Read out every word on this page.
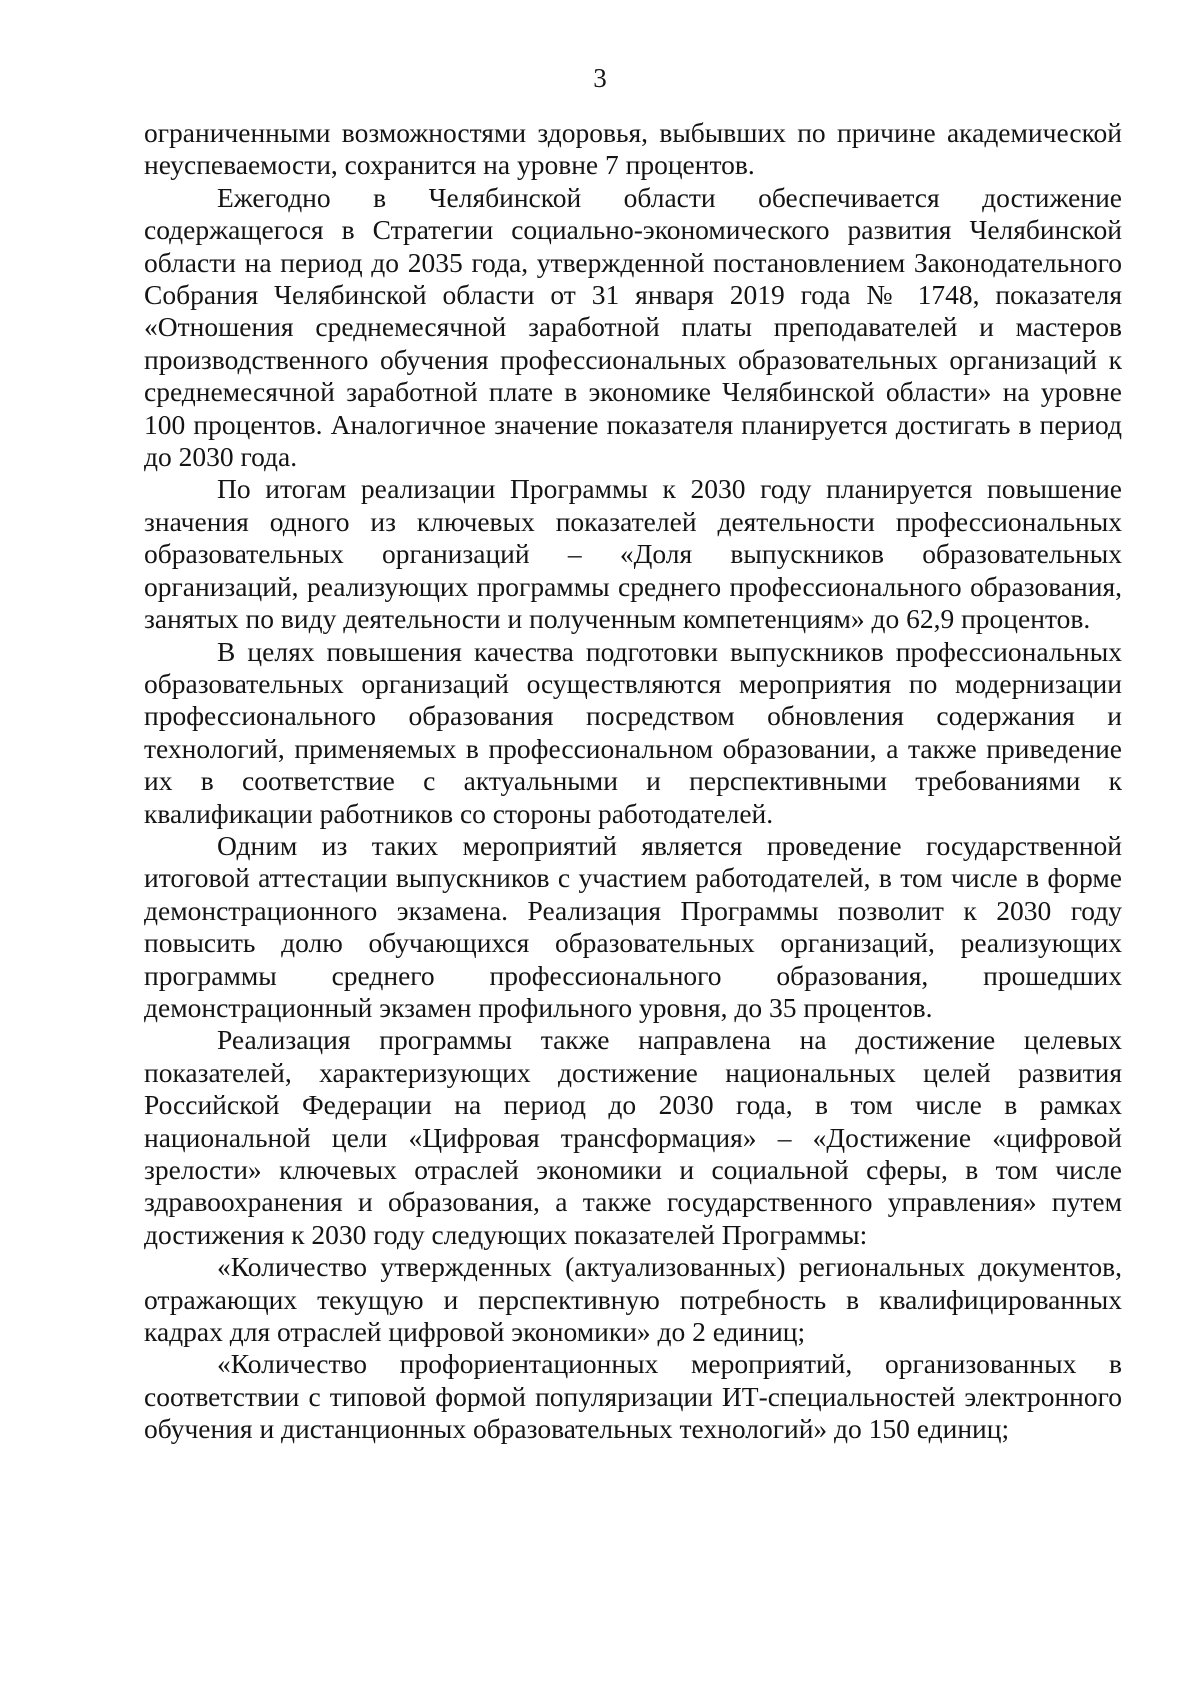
3

ограниченными возможностями здоровья, выбывших по причине академической неуспеваемости, сохранится на уровне 7 процентов.

Ежегодно в Челябинской области обеспечивается достижение содержащегося в Стратегии социально-экономического развития Челябинской области на период до 2035 года, утвержденной постановлением Законодательного Собрания Челябинской области от 31 января 2019 года № 1748, показателя «Отношения среднемесячной заработной платы преподавателей и мастеров производственного обучения профессиональных образовательных организаций к среднемесячной заработной плате в экономике Челябинской области» на уровне 100 процентов. Аналогичное значение показателя планируется достигать в период до 2030 года.

По итогам реализации Программы к 2030 году планируется повышение значения одного из ключевых показателей деятельности профессиональных образовательных организаций – «Доля выпускников образовательных организаций, реализующих программы среднего профессионального образования, занятых по виду деятельности и полученным компетенциям» до 62,9 процентов.

В целях повышения качества подготовки выпускников профессиональных образовательных организаций осуществляются мероприятия по модернизации профессионального образования посредством обновления содержания и технологий, применяемых в профессиональном образовании, а также приведение их в соответствие с актуальными и перспективными требованиями к квалификации работников со стороны работодателей.

Одним из таких мероприятий является проведение государственной итоговой аттестации выпускников с участием работодателей, в том числе в форме демонстрационного экзамена. Реализация Программы позволит к 2030 году повысить долю обучающихся образовательных организаций, реализующих программы среднего профессионального образования, прошедших демонстрационный экзамен профильного уровня, до 35 процентов.

Реализация программы также направлена на достижение целевых показателей, характеризующих достижение национальных целей развития Российской Федерации на период до 2030 года, в том числе в рамках национальной цели «Цифровая трансформация» – «Достижение «цифровой зрелости» ключевых отраслей экономики и социальной сферы, в том числе здравоохранения и образования, а также государственного управления» путем достижения к 2030 году следующих показателей Программы:

«Количество утвержденных (актуализованных) региональных документов, отражающих текущую и перспективную потребность в квалифицированных кадрах для отраслей цифровой экономики» до 2 единиц;

«Количество профориентационных мероприятий, организованных в соответствии с типовой формой популяризации ИТ-специальностей электронного обучения и дистанционных образовательных технологий» до 150 единиц;
